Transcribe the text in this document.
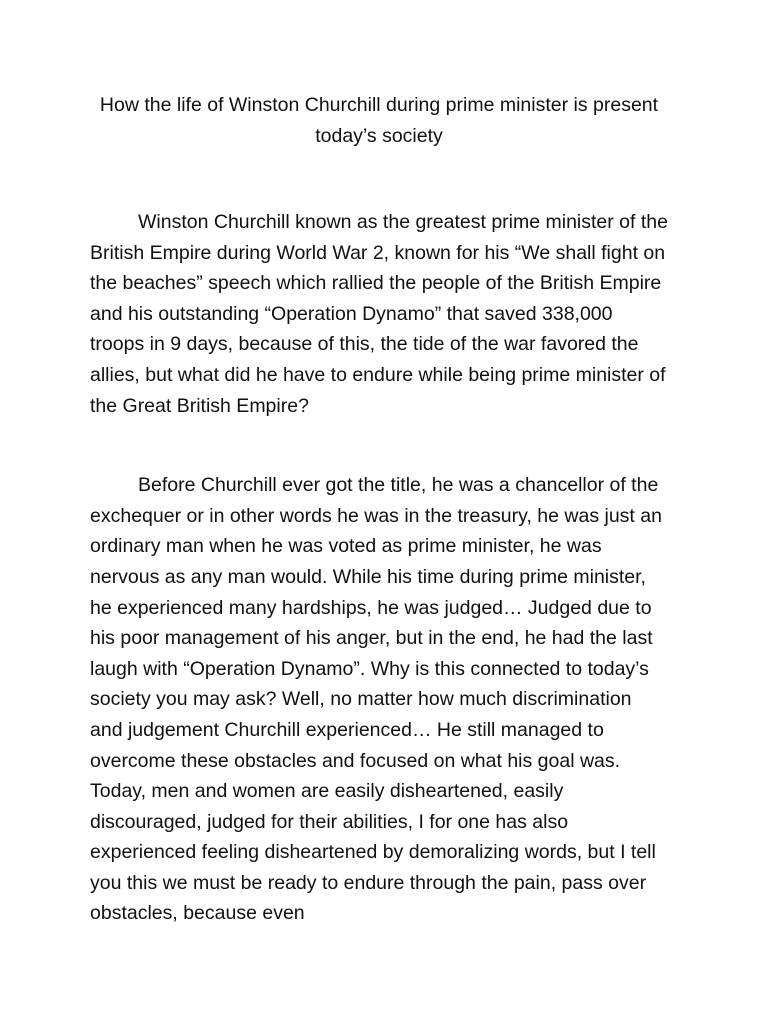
How the life of Winston Churchill during prime minister is present today’s society

Winston Churchill known as the greatest prime minister of the British Empire during World War 2, known for his “We shall fight on the beaches” speech which rallied the people of the British Empire and his outstanding “Operation Dynamo” that saved 338,000 troops in 9 days, because of this, the tide of the war favored the allies, but what did he have to endure while being prime minister of the Great British Empire?

Before Churchill ever got the title, he was a chancellor of the exchequer or in other words he was in the treasury, he was just an ordinary man when he was voted as prime minister, he was nervous as any man would. While his time during prime minister, he experienced many hardships, he was judged… Judged due to his poor management of his anger, but in the end, he had the last laugh with “Operation Dynamo”. Why is this connected to today’s society you may ask? Well, no matter how much discrimination and judgement Churchill experienced… He still managed to overcome these obstacles and focused on what his goal was. Today, men and women are easily disheartened, easily discouraged, judged for their abilities, I for one has also experienced feeling disheartened by demoralizing words, but I tell you this we must be ready to endure through the pain, pass over obstacles, because even
